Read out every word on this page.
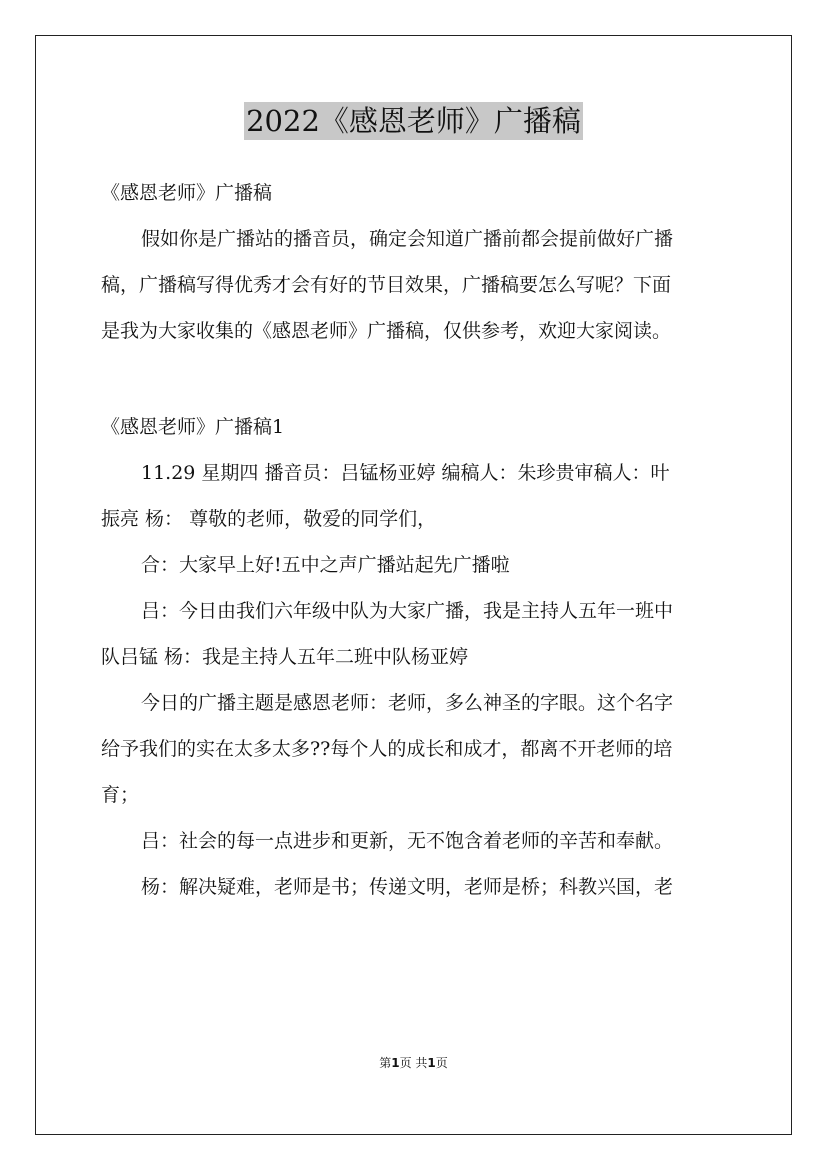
2022《感恩老师》广播稿
《感恩老师》广播稿
假如你是广播站的播音员，确定会知道广播前都会提前做好广播
稿，广播稿写得优秀才会有好的节目效果，广播稿要怎么写呢？下面
是我为大家收集的《感恩老师》广播稿，仅供参考，欢迎大家阅读。
《感恩老师》广播稿1
11.29 星期四 播音员：吕锰杨亚婷 编稿人：朱珍贵审稿人：叶
振亮 杨： 尊敬的老师，敬爱的同学们，
合：大家早上好!五中之声广播站起先广播啦
吕：今日由我们六年级中队为大家广播，我是主持人五年一班中
队吕锰 杨：我是主持人五年二班中队杨亚婷
今日的广播主题是感恩老师：老师，多么神圣的字眼。这个名字
给予我们的实在太多太多??每个人的成长和成才，都离不开老师的培
育；
吕：社会的每一点进步和更新，无不饱含着老师的辛苦和奉献。
杨：解决疑难，老师是书；传递文明，老师是桥；科教兴国，老
第1页 共1页
